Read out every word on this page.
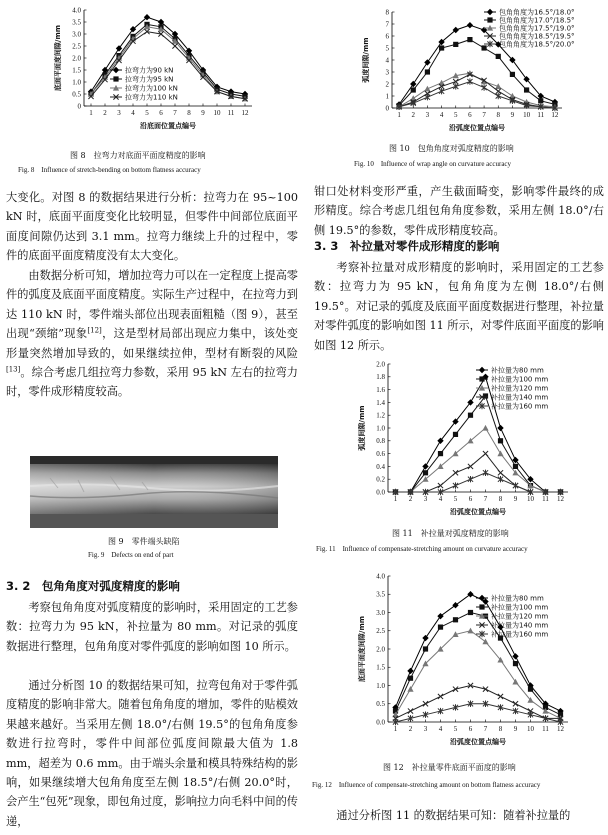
0
0.5
1.0
1.5
2.0
2.5
3.0
3.5
4.0
1 2 3 4 5 6 7 8 9 10 11 12
沿底面位置点编号
底面平面度间隙/mm	拉弯力为90 kN
拉弯力为95 kN
拉弯力为100 kN
拉弯力为110 kN
图 8　拉弯力对底面平面度精度的影响
Fig. 8　Influence of stretch-bending on bottom flatness accuracy
大变化。对图 8 的数据结果进行分析：拉弯力在 95~100 kN 时，底面平面度变化比较明显，但零件中间部位底面平面度间隙仍达到 3.1 mm。拉弯力继续上升的过程中，零件的底面平面度精度没有太大变化。
由数据分析可知，增加拉弯力可以在一定程度上提高零件的弧度及底面平面度精度。实际生产过程中，在拉弯力到达 110 kN 时，零件端头部位出现表面粗糙（图 9），甚至出现“颈缩”现象[12]，这是型材局部出现应力集中，该处变形量突然增加导致的，如果继续拉伸，型材有断裂的风险[13]。综合考虑几组拉弯力参数，采用 95 kN 左右的拉弯力时，零件成形精度较高。
图 9　零件端头缺陷
Fig. 9　Defects on end of part
3. 2　包角角度对弧度精度的影响
考察包角角度对弧度精度的影响时，采用固定的工艺参数：拉弯力为 95 kN，补拉量为 80 mm。对记录的弧度数据进行整理，包角角度对零件弧度的影响如图 10 所示。
通过分析图 10 的数据结果可知，拉弯包角对于零件弧度精度的影响非常大。随着包角角度的增加，零件的贴模效果越来越好。当采用左侧 18.0°/右侧 19.5°的包角角度参数进行拉弯时，零件中间部位弧度间隙最大值为 1.8 mm，超差为 0.6 mm。由于端头余量和模具特殊结构的影响，如果继续增大包角角度至左侧 18.5°/右侧 20.0°时，会产生“包死”现象，即包角过度，影响拉力向毛料中间的传递，
0
1
2
3
4
5
6
7
8
1 2 3 4 5 6 7 8 9 10 11 12
沿弧度位置点编号
弧度间隙/mm
包角角度为16.5°/18.0°
包角角度为17.0°/18.5°
包角角度为17.5°/19.0°
包角角度为18.5°/19.5°
包角角度为18.5°/20.0°
图 10　包角角度对弧度精度的影响
Fig. 10　Influence of wrap angle on curvature accuracy
钳口处材料变形严重，产生截面畸变，影响零件最终的成形精度。综合考虑几组包角角度参数，采用左侧 18.0°/右侧 19.5°的参数，零件成形精度较高。
3. 3　补拉量对零件成形精度的影响
考察补拉量对成形精度的影响时，采用固定的工艺参数：拉弯力为 95 kN，包角角度为左侧 18.0°/右侧 19.5°。对记录的弧度及底面平面度数据进行整理，补拉量对零件弧度的影响如图 11 所示，对零件底面平面度的影响如图 12 所示。
0.0
0.2
0.4
0.6
0.8
1.0
1.2
1.4
1.6
1.8
2.0
1 2 3 4 5 6 7 8 9 10 11 12
沿弧度位置点编号
弧度间隙/mm
补拉量为80 mm
补拉量为100 mm
补拉量为120 mm
补拉量为140 mm
补拉量为160 mm
图 11　补拉量对弧度精度的影响
Fig. 11　Influence of compensate-stretching amount on curvature accuracy
0.0
0.5
1.0
1.5
2.0
2.5
3.0
3.5
4.0
1 2 3 4 5 6 7 8 9 10 11 12
沿弧度位置点编号
底面平面度间隙/mm
补拉量为80 mm
补拉量为100 mm
补拉量为120 mm
补拉量为140 mm
补拉量为160 mm
图 12　补拉量零件底面平面度的影响
Fig. 12　Influence of compensate-stretching amount on bottom flatness accuracy
通过分析图 11 的数据结果可知：随着补拉量的
